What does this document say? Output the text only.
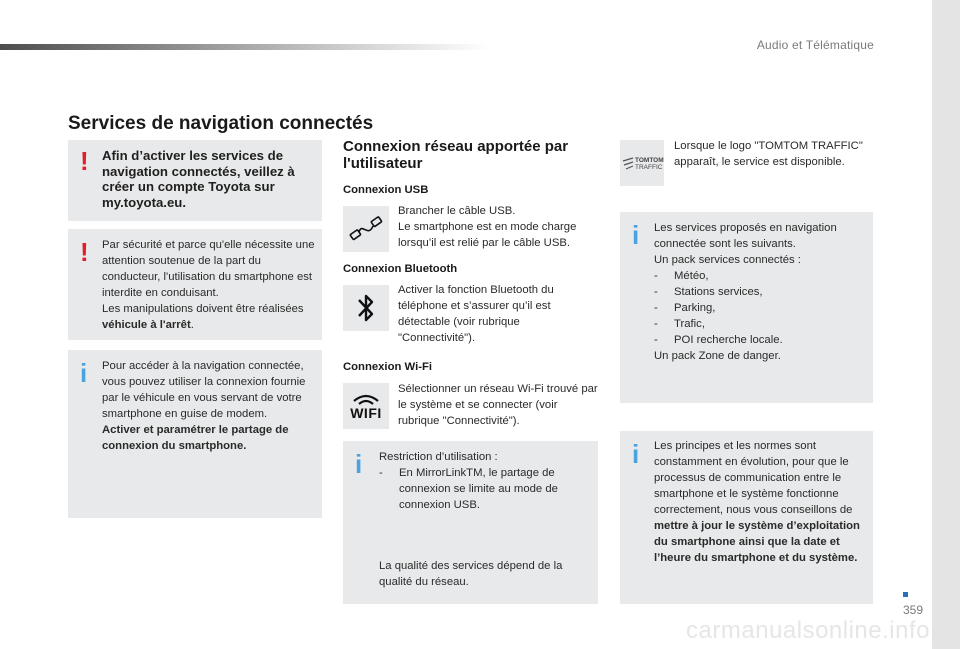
Audio et Télématique
359
carmanualsonline.info
Services de navigation connectés
! Afin d’activer les services de navigation connectés, veillez à créer un compte Toyota sur my.toyota.eu.
! Par sécurité et parce qu'elle nécessite une attention soutenue de la part du conducteur, l'utilisation du smartphone est interdite en conduisant.
Les manipulations doivent être réalisées véhicule à l'arrêt.

i Pour accéder à la navigation connectée, vous pouvez utiliser la connexion fournie par le véhicule en vous servant de votre smartphone en guise de modem.
Activer et paramétrer le partage de connexion du smartphone.

Connexion réseau apportée par l'utilisateur
Connexion USB
Brancher le câble USB.
Le smartphone est en mode charge lorsqu’il est relié par le câble USB.
Connexion Bluetooth
Activer la fonction Bluetooth du téléphone et s’assurer qu’il est détectable (voir rubrique "Connectivité").
Connexion Wi-Fi
WIFI
Sélectionner un réseau Wi-Fi trouvé par le système et se connecter (voir rubrique "Connectivité").
i Restriction d’utilisation :
-	En MirrorLinkTM, le partage de connexion se limite au mode de connexion USB.
La qualité des services dépend de la qualité du réseau.
TOMTOM
TRAFFIC
Lorsque le logo "TOMTOM TRAFFIC" apparaît, le service est disponible.
i Les services proposés en navigation connectée sont les suivants.
Un pack services connectés :
-	Météo,
-	Stations services,
-	Parking,
-	Trafic,
-	POI recherche locale.
Un pack Zone de danger.
i Les principes et les normes sont constamment en évolution, pour que le processus de communication entre le smartphone et le système fonctionne correctement, nous vous conseillons de mettre à jour le système d’exploitation du smartphone ainsi que la date et l’heure du smartphone et du système.
